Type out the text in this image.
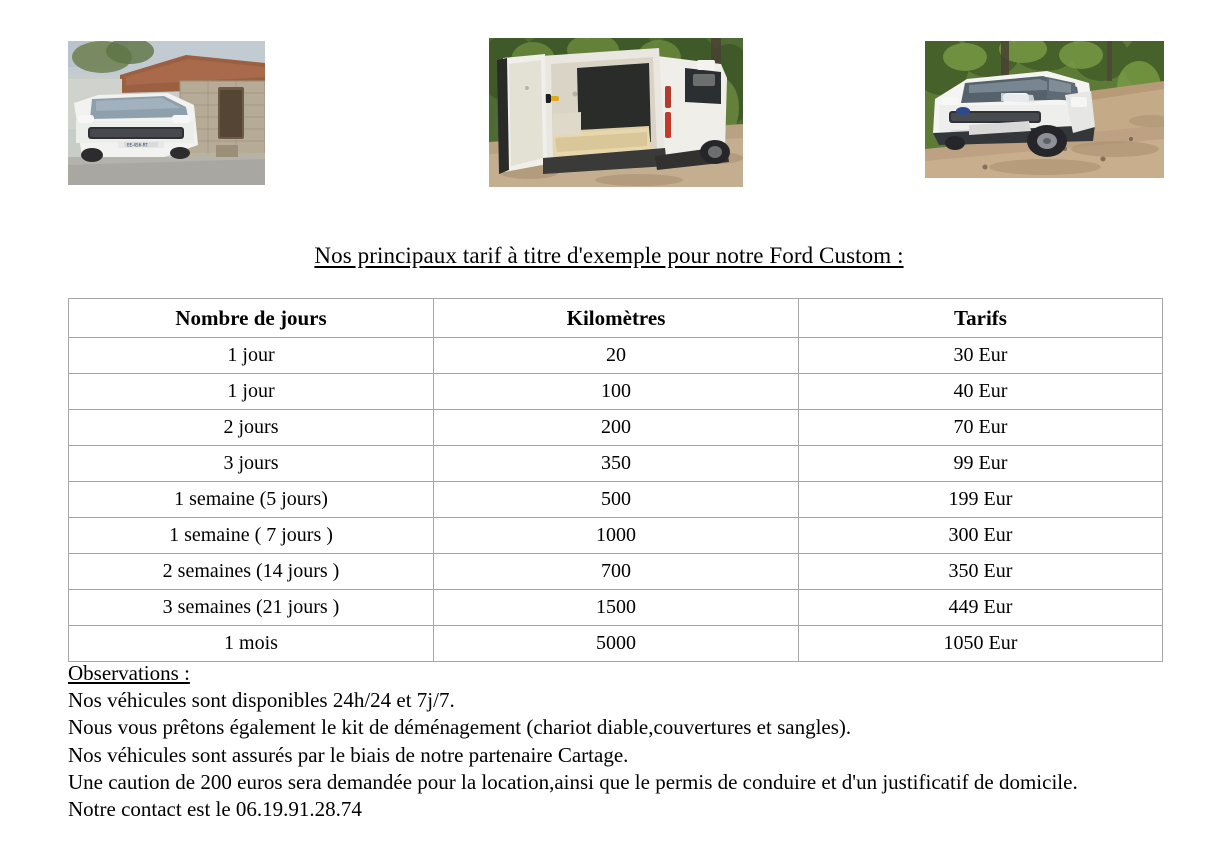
EE-456-RT
Nos principaux tarif à titre d'exemple pour notre Ford Custom :
Nombre de jours	Kilomètres	Tarifs
1 jour	20	30 Eur
1 jour	100	40 Eur
2 jours	200	70 Eur
3 jours	350	99 Eur
1 semaine (5 jours)	500	199 Eur
1 semaine ( 7 jours )	1000	300 Eur
2 semaines (14 jours )	700	350 Eur
3 semaines (21 jours )	1500	449 Eur
1 mois	5000	1050 Eur
Observations :
Nos véhicules sont disponibles 24h/24 et 7j/7.
Nous vous prêtons également le kit de déménagement (chariot diable,couvertures et sangles).
Nos véhicules sont assurés par le biais de notre partenaire Cartage.
Une caution de 200 euros sera demandée pour la location,ainsi que le permis de conduire et d'un justificatif de domicile.
Notre contact est le 06.19.91.28.74
